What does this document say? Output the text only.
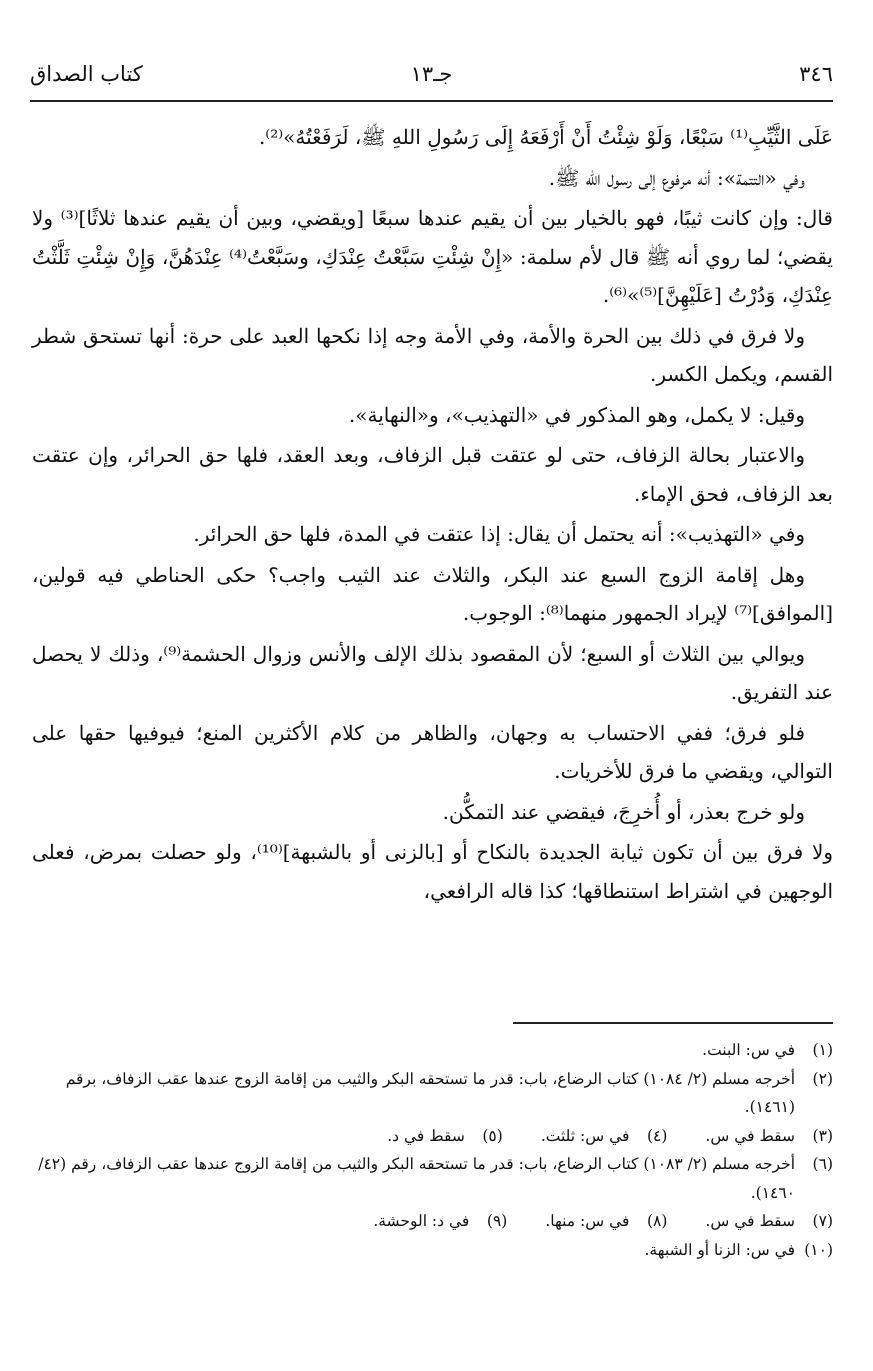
٣٤٦
جـ١٣
كتاب الصداق

عَلَى الثَّيِّبِ⁽¹⁾ سَبْعًا، وَلَوْ شِئْتُ أَنْ أَرْفَعَهُ إِلَى رَسُولِ اللهِ ﷺ، لَرَفَعْتُهُ»⁽²⁾.

وفي «التتمة»: أنه مرفوع إلى رسول الله ﷺ.

قال: وإن كانت ثيبًا، فهو بالخيار بين أن يقيم عندها سبعًا [ويقضي، وبين أن يقيم عندها ثلاثًا]⁽³⁾ ولا يقضي؛ لما روي أنه ﷺ قال لأم سلمة: «إِنْ شِئْتِ سَبَّعْتُ عِنْدَكِ، وسَبَّعْتُ⁽⁴⁾ عِنْدَهُنَّ، وَإِنْ شِئْتِ ثَلَّثْتُ عِنْدَكِ، وَدُرْتُ [عَلَيْهِنَّ]⁽⁵⁾»⁽⁶⁾.

ولا فرق في ذلك بين الحرة والأمة، وفي الأمة وجه إذا نكحها العبد على حرة: أنها تستحق شطر القسم، ويكمل الكسر.

وقيل: لا يكمل، وهو المذكور في «التهذيب»، و«النهاية».

والاعتبار بحالة الزفاف، حتى لو عتقت قبل الزفاف، وبعد العقد، فلها حق الحرائر، وإن عتقت بعد الزفاف، فحق الإماء.

وفي «التهذيب»: أنه يحتمل أن يقال: إذا عتقت في المدة، فلها حق الحرائر.

وهل إقامة الزوج السبع عند البكر، والثلاث عند الثيب واجب؟ حكى الحناطي فيه قولين، [الموافق]⁽⁷⁾ لإيراد الجمهور منهما⁽⁸⁾: الوجوب.

ويوالي بين الثلاث أو السبع؛ لأن المقصود بذلك الإلف والأنس وزوال الحشمة⁽⁹⁾، وذلك لا يحصل عند التفريق.

فلو فرق؛ ففي الاحتساب به وجهان، والظاهر من كلام الأكثرين المنع؛ فيوفيها حقها على التوالي، ويقضي ما فرق للأخريات.

ولو خرج بعذر، أو أُخرِجَ، فيقضي عند التمكُّن.

ولا فرق بين أن تكون ثيابة الجديدة بالنكاح أو [بالزنى أو بالشبهة]⁽¹⁰⁾، ولو حصلت بمرض، فعلى الوجهين في اشتراط استنطاقها؛ كذا قاله الرافعي،

(١)
في س: البنت.
(٢)
أخرجه مسلم (٢/ ١٠٨٤) كتاب الرضاع، باب: قدر ما تستحقه البكر والثيب من إقامة الزوج عندها عقب الزفاف، برقم (١٤٦١).
(٣)
سقط في س.
(٤)
في س: ثلثت.
(٥)
سقط في د.
(٦)
أخرجه مسلم (٢/ ١٠٨٣) كتاب الرضاع، باب: قدر ما تستحقه البكر والثيب من إقامة الزوج عندها عقب الزفاف، رقم (٤٢/ ١٤٦٠).
(٧)
سقط في س.
(٨)
في س: منها.
(٩)
في د: الوحشة.
(١٠)
في س: الزنا أو الشبهة.
